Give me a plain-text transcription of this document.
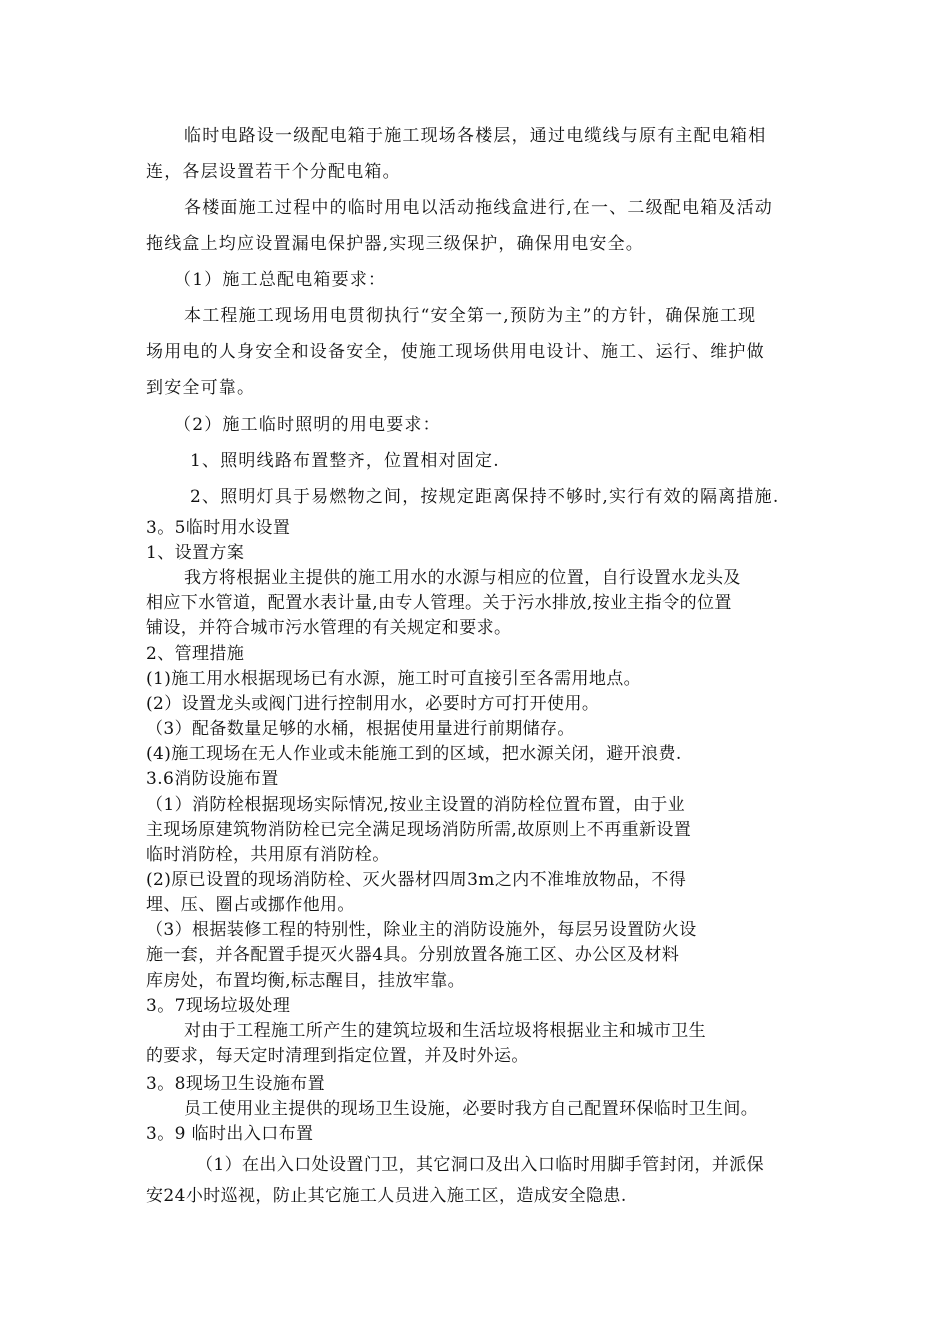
临时电路设一级配电箱于施工现场各楼层，通过电缆线与原有主配电箱相
连，各层设置若干个分配电箱。
各楼面施工过程中的临时用电以活动拖线盒进行,在一、二级配电箱及活动
拖线盒上均应设置漏电保护器,实现三级保护，确保用电安全。
（1）施工总配电箱要求：
本工程施工现场用电贯彻执行“安全第一,预防为主”的方针，确保施工现
场用电的人身安全和设备安全，使施工现场供用电设计、施工、运行、维护做
到安全可靠。
（2）施工临时照明的用电要求：
1、照明线路布置整齐，位置相对固定.
2、照明灯具于易燃物之间，按规定距离保持不够时,实行有效的隔离措施.
3。5临时用水设置
1、设置方案
我方将根据业主提供的施工用水的水源与相应的位置，自行设置水龙头及
相应下水管道，配置水表计量,由专人管理。关于污水排放,按业主指令的位置
铺设，并符合城市污水管理的有关规定和要求。
2、管理措施
(1)施工用水根据现场已有水源，施工时可直接引至各需用地点。
(2）设置龙头或阀门进行控制用水，必要时方可打开使用。
（3）配备数量足够的水桶，根据使用量进行前期储存。
(4)施工现场在无人作业或未能施工到的区域，把水源关闭，避开浪费.
3.6消防设施布置
（1）消防栓根据现场实际情况,按业主设置的消防栓位置布置，由于业
主现场原建筑物消防栓已完全满足现场消防所需,故原则上不再重新设置
临时消防栓，共用原有消防栓。
(2)原已设置的现场消防栓、灭火器材四周3m之内不准堆放物品，不得
埋、压、圈占或挪作他用。
（3）根据装修工程的特别性，除业主的消防设施外，每层另设置防火设
施一套，并各配置手提灭火器4具。分别放置各施工区、办公区及材料
库房处，布置均衡,标志醒目，挂放牢靠。
3。7现场垃圾处理
对由于工程施工所产生的建筑垃圾和生活垃圾将根据业主和城市卫生
的要求，每天定时清理到指定位置，并及时外运。
3。8现场卫生设施布置
员工使用业主提供的现场卫生设施，必要时我方自己配置环保临时卫生间。
3。9 临时出入口布置
（1）在出入口处设置门卫，其它洞口及出入口临时用脚手管封闭，并派保
安24小时巡视，防止其它施工人员进入施工区，造成安全隐患.
